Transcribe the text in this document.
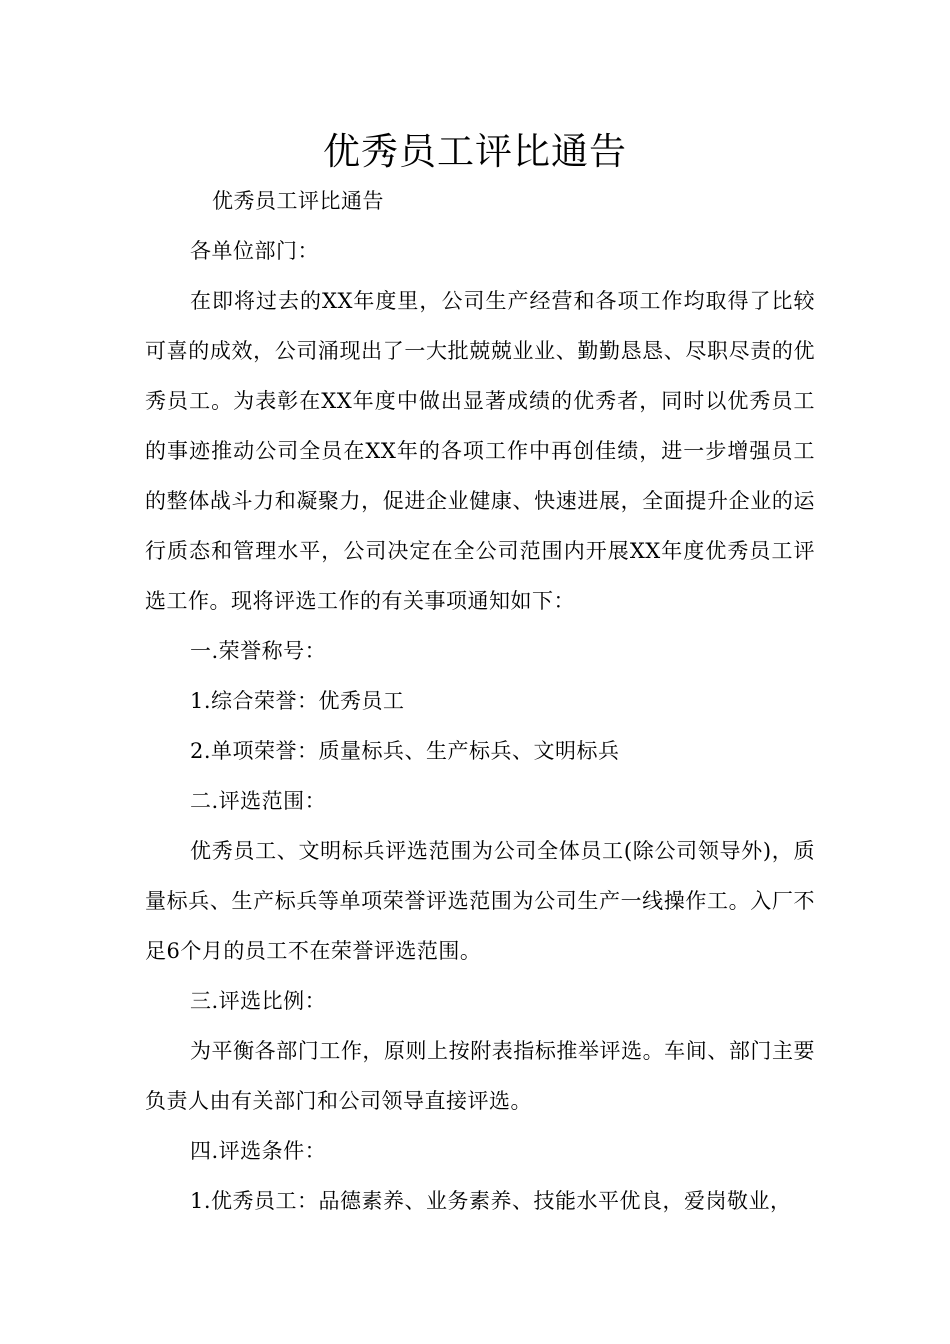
优秀员工评比通告

优秀员工评比通告

各单位部门：

在即将过去的XX年度里，公司生产经营和各项工作均取得了比较可喜的成效，公司涌现出了一大批兢兢业业、勤勤恳恳、尽职尽责的优秀员工。为表彰在XX年度中做出显著成绩的优秀者，同时以优秀员工的事迹推动公司全员在XX年的各项工作中再创佳绩，进一步增强员工的整体战斗力和凝聚力，促进企业健康、快速进展，全面提升企业的运行质态和管理水平，公司决定在全公司范围内开展XX年度优秀员工评选工作。现将评选工作的有关事项通知如下：

一.荣誉称号：

1.综合荣誉：优秀员工

2.单项荣誉：质量标兵、生产标兵、文明标兵

二.评选范围：

优秀员工、文明标兵评选范围为公司全体员工(除公司领导外)，质量标兵、生产标兵等单项荣誉评选范围为公司生产一线操作工。入厂不足6个月的员工不在荣誉评选范围。

三.评选比例：

为平衡各部门工作，原则上按附表指标推举评选。车间、部门主要负责人由有关部门和公司领导直接评选。

四.评选条件：

1.优秀员工：品德素养、业务素养、技能水平优良，爱岗敬业，
